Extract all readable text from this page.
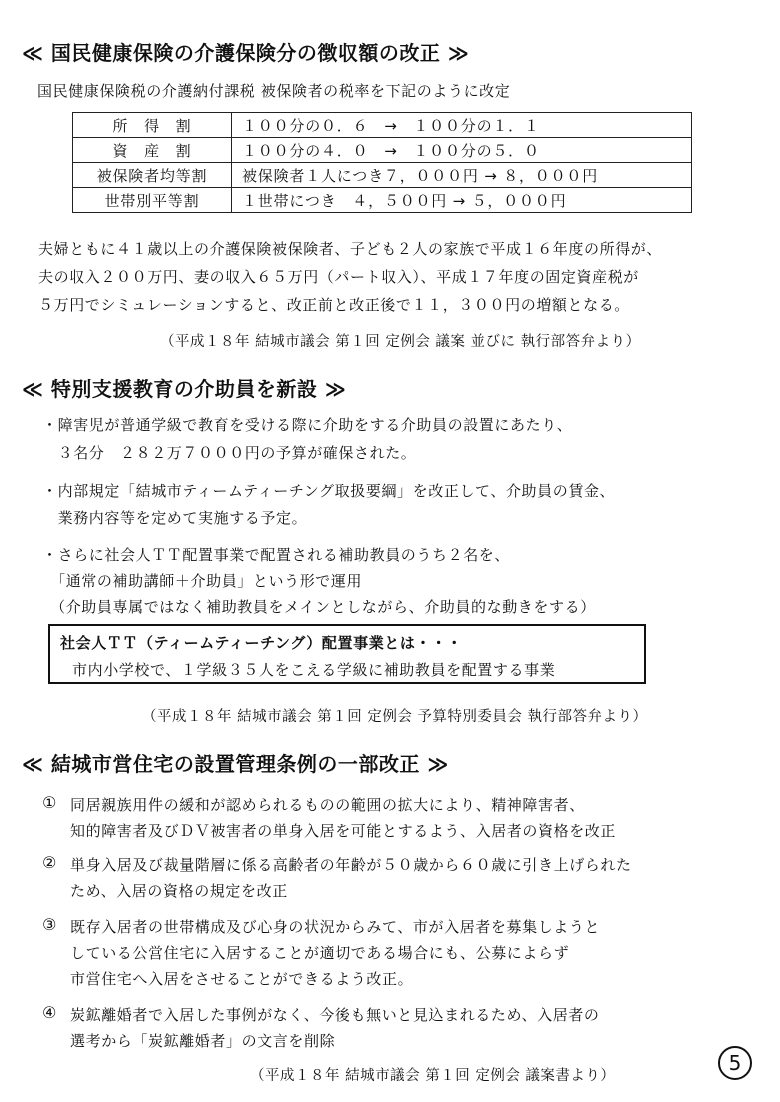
≪ 国民健康保険の介護保険分の徴収額の改正 ≫
国民健康保険税の介護納付課税 被保険者の税率を下記のように改定
所　得　割	１００分の０．６　→　１００分の１．１
資　産　割	１００分の４．０　→　１００分の５．０
被保険者均等割	被保険者１人につき７，０００円 → ８，０００円
世帯別平等割	１世帯につき　４，５００円 → ５，０００円
夫婦ともに４１歳以上の介護保険被保険者、子ども２人の家族で平成１６年度の所得が、
夫の収入２００万円、妻の収入６５万円（パート収入）、平成１７年度の固定資産税が
５万円でシミュレーションすると、改正前と改正後で１１，３００円の増額となる。
（平成１８年 結城市議会 第１回 定例会 議案 並びに 執行部答弁より）
≪ 特別支援教育の介助員を新設 ≫
・障害児が普通学級で教育を受ける際に介助をする介助員の設置にあたり、
　３名分　２８２万７０００円の予算が確保された。
・内部規定「結城市ティームティーチング取扱要綱」を改正して、介助員の賃金、
　業務内容等を定めて実施する予定。
・さらに社会人ＴＴ配置事業で配置される補助教員のうち２名を、
　「通常の補助講師＋介助員」という形で運用
　（介助員専属ではなく補助教員をメインとしながら、介助員的な動きをする）
社会人ＴＴ（ティームティーチング）配置事業とは・・・
市内小学校で、１学級３５人をこえる学級に補助教員を配置する事業
（平成１８年 結城市議会 第１回 定例会 予算特別委員会 執行部答弁より）
≪ 結城市営住宅の設置管理条例の一部改正 ≫
① 同居親族用件の緩和が認められるものの範囲の拡大により、精神障害者、
知的障害者及びＤＶ被害者の単身入居を可能とするよう、入居者の資格を改正
② 単身入居及び裁量階層に係る高齢者の年齢が５０歳から６０歳に引き上げられた
ため、入居の資格の規定を改正
③ 既存入居者の世帯構成及び心身の状況からみて、市が入居者を募集しようと
している公営住宅に入居することが適切である場合にも、公募によらず
市営住宅へ入居をさせることができるよう改正。
④ 炭鉱離婚者で入居した事例がなく、今後も無いと見込まれるため、入居者の
選考から「炭鉱離婚者」の文言を削除
（平成１８年 結城市議会 第１回 定例会 議案書より）
5
